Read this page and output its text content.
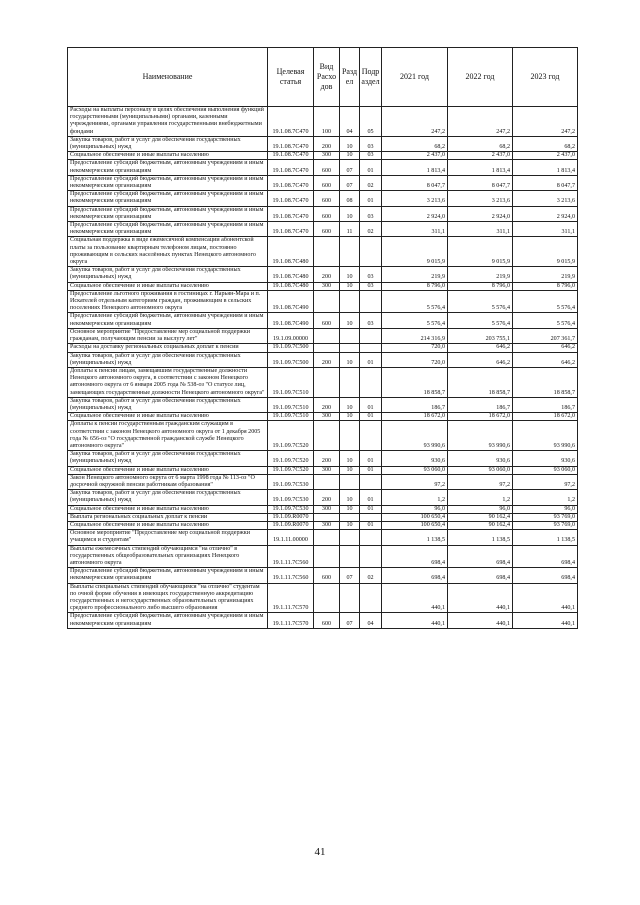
Наименование	Целевая статья	Вид Расхо дов	Разд ел	Подр аздел	2021 год	2022 год	2023 год
Расходы на выплаты персоналу в целях обеспечения выполнения функций государственными (муниципальными) органами, казенными учреждениями, органами управления государственными внебюджетными фондами	19.1.08.7С470	100	04	05	247,2	247,2	247,2
Закупка товаров, работ и услуг для обеспечения государственных (муниципальных) нужд	19.1.08.7С470	200	10	03	68,2	68,2	68,2
Социальное обеспечение и иные выплаты населению	19.1.08.7С470	300	10	03	2 437,0	2 437,0	2 437,0
Предоставление субсидий бюджетным, автономным учреждениям и иным некоммерческим организациям	19.1.08.7С470	600	07	01	1 813,4	1 813,4	1 813,4
Предоставление субсидий бюджетным, автономным учреждениям и иным некоммерческим организациям	19.1.08.7С470	600	07	02	8 047,7	8 047,7	8 047,7
Предоставление субсидий бюджетным, автономным учреждениям и иным некоммерческим организациям	19.1.08.7С470	600	08	01	3 213,6	3 213,6	3 213,6
Предоставление субсидий бюджетным, автономным учреждениям и иным некоммерческим организациям	19.1.08.7С470	600	10	03	2 924,0	2 924,0	2 924,0
Предоставление субсидий бюджетным, автономным учреждениям и иным некоммерческим организациям	19.1.08.7С470	600	11	02	311,1	311,1	311,1
Социальная поддержка в виде ежемесячной компенсации абонентской платы за пользование квартирным телефоном лицам, постоянно проживающим в сельских населённых пунктах Ненецкого автономного округа	19.1.08.7С480				9 015,9	9 015,9	9 015,9
Закупка товаров, работ и услуг для обеспечения государственных (муниципальных) нужд	19.1.08.7С480	200	10	03	219,9	219,9	219,9
Социальное обеспечение и иные выплаты населению	19.1.08.7С480	300	10	03	8 796,0	8 796,0	8 796,0
Предоставление льготного проживания в гостиницах г. Нарьян-Мара и п. Искателей отдельным категориям граждан, проживающим в сельских поселениях Ненецкого автономного округа	19.1.08.7С490				5 576,4	5 576,4	5 576,4
Предоставление субсидий бюджетным, автономным учреждениям и иным некоммерческим организациям	19.1.08.7С490	600	10	03	5 576,4	5 576,4	5 576,4
Основное мероприятие "Предоставление мер социальной поддержки гражданам, получающим пенсии за выслугу лет"	19.1.09.00000				214 316,9	203 755,1	207 361,7
Расходы на доставку региональных социальных доплат к пенсии	19.1.09.7С500				720,0	646,2	646,2
Закупка товаров, работ и услуг для обеспечения государственных (муниципальных) нужд	19.1.09.7С500	200	10	01	720,0	646,2	646,2
Доплаты к пенсии лицам, замещавшим государственные должности Ненецкого автономного округа, в соответствии с законом Ненецкого автономного округа от 6 января 2005 года № 538-оз "О статусе лиц, замещающих государственные должности Ненецкого автономного округа"	19.1.09.7С510				18 858,7	18 858,7	18 858,7
Закупка товаров, работ и услуг для обеспечения государственных (муниципальных) нужд	19.1.09.7С510	200	10	01	186,7	186,7	186,7
Социальное обеспечение и иные выплаты населению	19.1.09.7С510	300	10	01	18 672,0	18 672,0	18 672,0
Доплаты к пенсии государственным гражданским служащим в соответствии с законом Ненецкого автономного округа от 1 декабря 2005 года № 656-оз "О государственной гражданской службе Ненецкого автономного округа"	19.1.09.7С520				93 990,6	93 990,6	93 990,6
Закупка товаров, работ и услуг для обеспечения государственных (муниципальных) нужд	19.1.09.7С520	200	10	01	930,6	930,6	930,6
Социальное обеспечение и иные выплаты населению	19.1.09.7С520	300	10	01	93 060,0	93 060,0	93 060,0
Закон Ненецкого автономного округа от 6 марта 1998 года № 113-оз "О досрочной окружной пенсии работникам образования"	19.1.09.7С530				97,2	97,2	97,2
Закупка товаров, работ и услуг для обеспечения государственных (муниципальных) нужд	19.1.09.7С530	200	10	01	1,2	1,2	1,2
Социальное обеспечение и иные выплаты населению	19.1.09.7С530	300	10	01	96,0	96,0	96,0
Выплата региональных социальных доплат к пенсии	19.1.09.R0070				100 650,4	90 162,4	93 769,0
Социальное обеспечение и иные выплаты населению	19.1.09.R0070	300	10	01	100 650,4	90 162,4	93 769,0
Основное мероприятие "Предоставление мер социальной поддержки учащимся и студентам"	19.1.11.00000				1 138,5	1 138,5	1 138,5
Выплаты ежемесячных стипендий обучающимся "на отлично" в государственных общеобразовательных организациях Ненецкого автономного округа	19.1.11.7С560				698,4	698,4	698,4
Предоставление субсидий бюджетным, автономным учреждениям и иным некоммерческим организациям	19.1.11.7С560	600	07	02	698,4	698,4	698,4
Выплаты специальных стипендий обучающимся "на отлично" студентам по очной форме обучения в имеющих государственную аккредитацию государственных и негосударственных образовательных организациях среднего профессионального либо высшего образования	19.1.11.7С570				440,1	440,1	440,1
Предоставление субсидий бюджетным, автономным учреждениям и иным некоммерческим организациям	19.1.11.7С570	600	07	04	440,1	440,1	440,1
41
